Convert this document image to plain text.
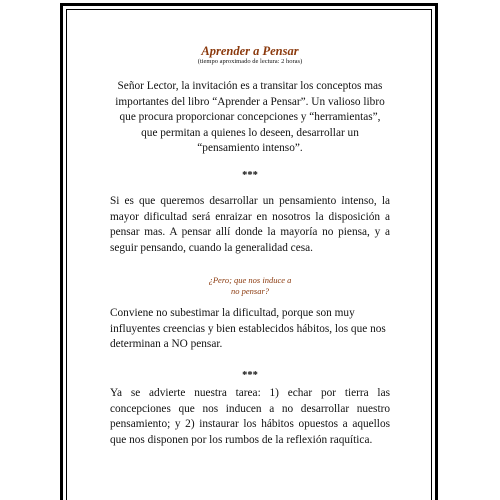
Aprender a Pensar
(tiempo aproximado de lectura: 2 horas)
Señor Lector, la invitación es a transitar los conceptos mas importantes del libro “Aprender a Pensar”. Un valioso libro que procura proporcionar concepciones y “herramientas”, que permitan a quienes lo deseen, desarrollar un “pensamiento intenso”.
***
Si es que queremos desarrollar un pensamiento intenso, la mayor dificultad será enraizar en nosotros la disposición a pensar mas. A pensar allí donde la mayoría no piensa, y a seguir pensando, cuando la generalidad cesa.
¿Pero; que nos induce a
no pensar?
Conviene no subestimar la dificultad, porque son muy influyentes creencias y bien establecidos hábitos, los que nos determinan a NO pensar.
***
Ya se advierte nuestra tarea: 1) echar por tierra las concepciones que nos inducen a no desarrollar nuestro pensamiento; y 2) instaurar los hábitos opuestos a aquellos que nos disponen por los rumbos de la reflexión raquítica.
